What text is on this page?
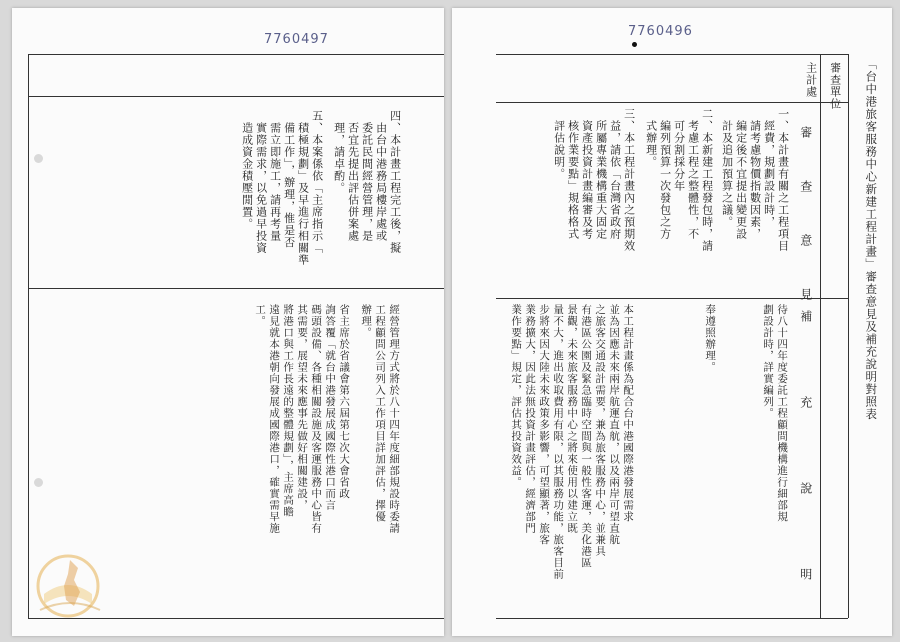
7760497
四、本計畫工程完工後，擬
由台中港務局樓岸處或
委託民間經營管理，是
否宜先提出評估併案處
理，請卓酌。
五、本案係依「主席指示「
積極規劃」及早進行相關準
備工作」，辦理，惟是否
需立即施工，請再考量
實際需求，以免過早投資
造成資金積壓閒置。
經營管理方式將於八十四年度細部規設時委請
工程顧問公司列入工作項目詳加評估，擇優
辦理。
省主席於省議會第六屆第七次大會省政
詢答覆「就台中港發展成國際性港口而言
碼頭設備、各種相關設施及客運服務中心皆有
其需要，展望未來應事先做好相關建設，
將港口與工作長遠的整體規劃」，主席高瞻
遠見就本港朝向發展成國際港口，確實需早施
工。
7760496
「台中港旅客服務中心新建工程計畫」審查意見及補充說明對照表
審查單位
主計處
審 查 意 見
補 充 說 明
一、本計畫有關之工程項目
經費，規劃設計時，
請考慮物價指數因素，
編定後不宜提出變更設
計及追加預算之議。
二、本新建工程發包時，請
考慮工程之整體性，不
可分割採分年
編列預算一次發包之方
式辦理。
三、本工程計畫內之預期效
益，請依「台灣省政府
所屬專業機構重大固定
資產投資計畫編審及考
核作業要點」規格格式
評估說明。
待八十四年度委託工程顧問機構進行細部規
劃設計時，詳實編列。
奉遵照辦理。
本工程計畫係為配合台中港國際港發展需求
並為因應未來兩岸航運直航，以及兩岸可望直航
之旅客交通設計需要，兼為旅客服務中心，並兼具
有港區公園及緊急臨時空間與一般性客運，美化港區
景觀，未來旅客服務中心之將來使用以建立既
量不大，進出收取費用有限，以其服務功能，旅客目前
步將來因大陸未來政策多影響，可望顯著，旅客
業務擴大，因此法無投資計畫評估，經濟部門
業作要點」規定，評估其投資效益。
